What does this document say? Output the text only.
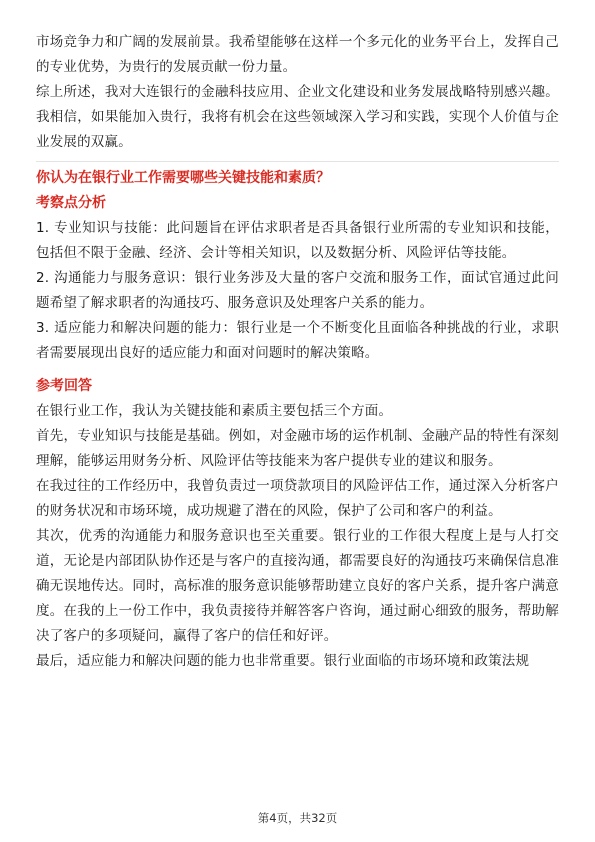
市场竞争力和广阔的发展前景。我希望能够在这样一个多元化的业务平台上，发挥自己的专业优势，为贵行的发展贡献一份力量。

综上所述，我对大连银行的金融科技应用、企业文化建设和业务发展战略特别感兴趣。我相信，如果能加入贵行，我将有机会在这些领域深入学习和实践，实现个人价值与企业发展的双赢。

你认为在银行业工作需要哪些关键技能和素质？

考察点分析

1. 专业知识与技能：此问题旨在评估求职者是否具备银行业所需的专业知识和技能，包括但不限于金融、经济、会计等相关知识，以及数据分析、风险评估等技能。

2. 沟通能力与服务意识：银行业务涉及大量的客户交流和服务工作，面试官通过此问题希望了解求职者的沟通技巧、服务意识及处理客户关系的能力。

3. 适应能力和解决问题的能力：银行业是一个不断变化且面临各种挑战的行业，求职者需要展现出良好的适应能力和面对问题时的解决策略。

参考回答

在银行业工作，我认为关键技能和素质主要包括三个方面。

首先，专业知识与技能是基础。例如，对金融市场的运作机制、金融产品的特性有深刻理解，能够运用财务分析、风险评估等技能来为客户提供专业的建议和服务。

在我过往的工作经历中，我曾负责过一项贷款项目的风险评估工作，通过深入分析客户的财务状况和市场环境，成功规避了潜在的风险，保护了公司和客户的利益。

其次，优秀的沟通能力和服务意识也至关重要。银行业的工作很大程度上是与人打交道，无论是内部团队协作还是与客户的直接沟通，都需要良好的沟通技巧来确保信息准确无误地传达。同时，高标准的服务意识能够帮助建立良好的客户关系，提升客户满意度。在我的上一份工作中，我负责接待并解答客户咨询，通过耐心细致的服务，帮助解决了客户的多项疑问，赢得了客户的信任和好评。

最后，适应能力和解决问题的能力也非常重要。银行业面临的市场环境和政策法规

第4页，共32页
